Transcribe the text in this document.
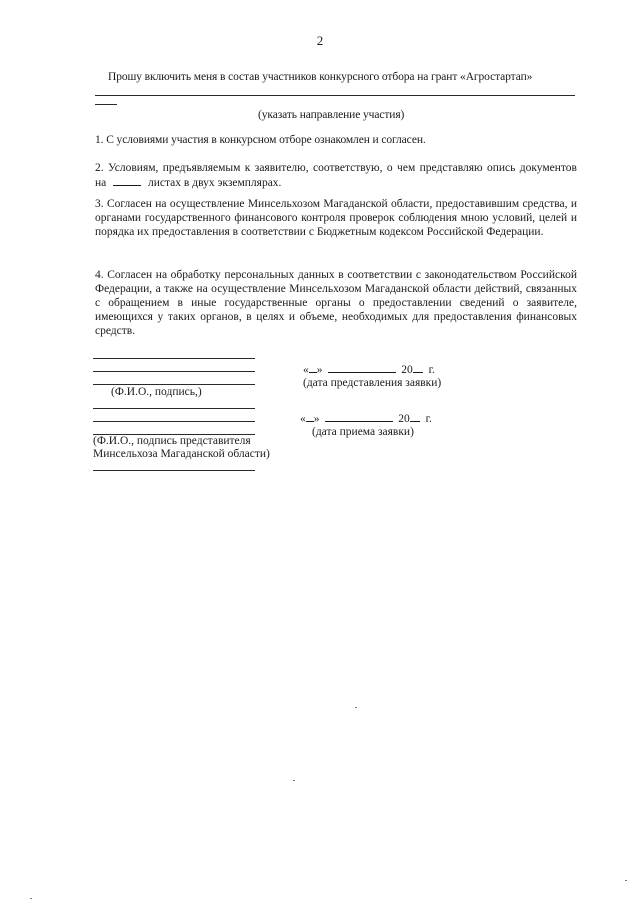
2
Прошу включить меня в состав участников конкурсного отбора на грант «Агростартап»
(указать направление участия)
1. С условиями участия в конкурсном отборе ознакомлен и согласен.
2. Условиям, предъявляемым к заявителю, соответствую, о чем представляю опись документов
на	листах в двух экземплярах.
3. Согласен на осуществление Минсельхозом Магаданской области, предоставившим средства, и органами государственного финансового контроля проверок соблюдения мною условий, целей и порядка их предоставления в соответствии с Бюджетным кодексом Российской Федерации.
4. Согласен на обработку персональных данных в соответствии с законодательством Российской Федерации, а также на осуществление Минсельхозом Магаданской области действий, связанных с обращением в иные государственные органы о предоставлении сведений о заявителе, имеющихся у таких органов, в целях и объеме, необходимых для предоставления финансовых средств.
(Ф.И.О., подпись,)
« »	20 г.
(дата представления заявки)
(Ф.И.О., подпись представителя
Минсельхоза Магаданской области)
« »	20 г.
(дата приема заявки)
